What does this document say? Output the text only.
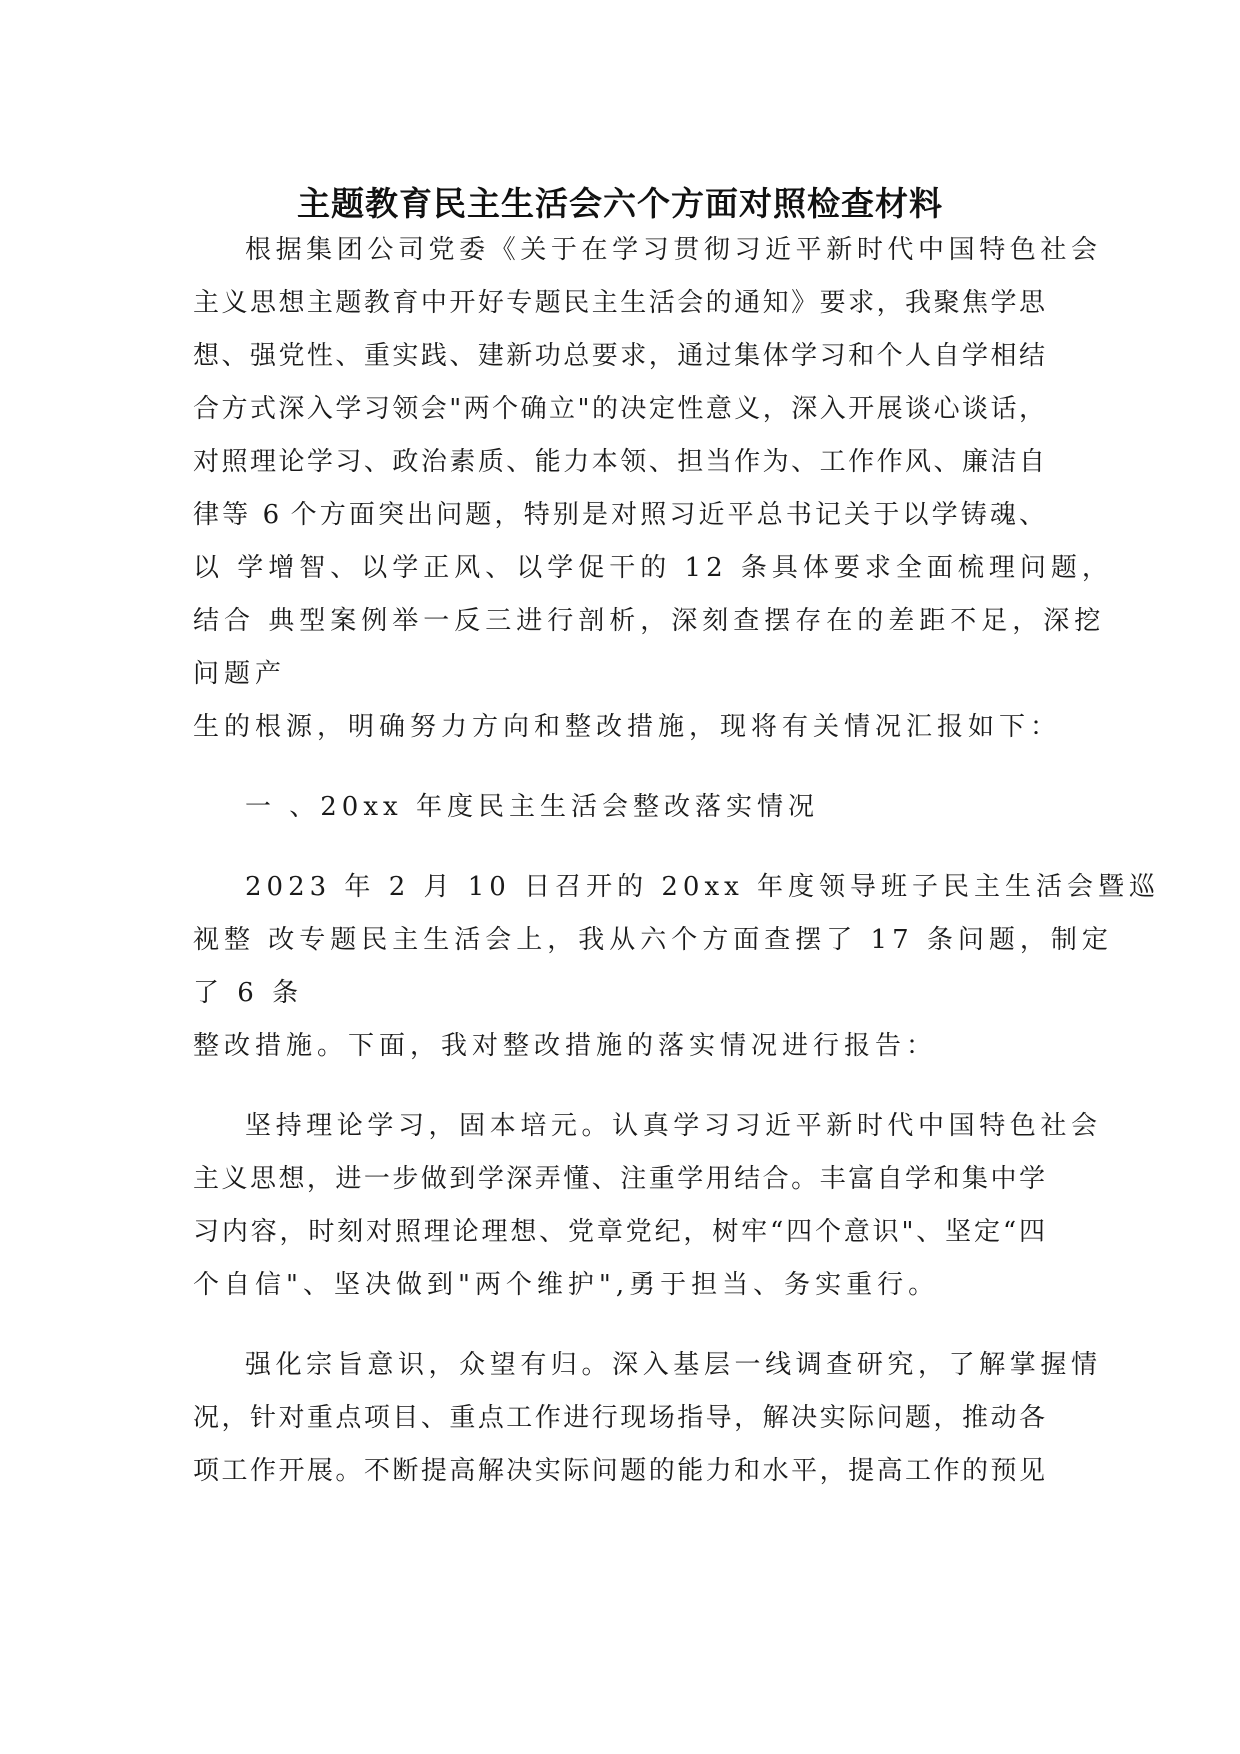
主题教育民主生活会六个方面对照检查材料
根据集团公司党委《关于在学习贯彻习近平新时代中国特色社会
主义思想主题教育中开好专题民主生活会的通知》要求，我聚焦学思
想、强党性、重实践、建新功总要求，通过集体学习和个人自学相结
合方式深入学习领会"两个确立"的决定性意义，深入开展谈心谈话，
对照理论学习、政治素质、能力本领、担当作为、工作作风、廉洁自
律等 6 个方面突出问题，特别是对照习近平总书记关于以学铸魂、
以 学增智、以学正风、以学促干的 12 条具体要求全面梳理问题，
结合 典型案例举一反三进行剖析，深刻查摆存在的差距不足，深挖
问题产
生的根源，明确努力方向和整改措施，现将有关情况汇报如下：
一 、20xx 年度民主生活会整改落实情况
2023 年 2 月 10 日召开的 20xx 年度领导班子民主生活会暨巡
视整 改专题民主生活会上，我从六个方面查摆了 17 条问题，制定
了 6 条
整改措施。下面，我对整改措施的落实情况进行报告：
坚持理论学习，固本培元。认真学习习近平新时代中国特色社会
主义思想，进一步做到学深弄懂、注重学用结合。丰富自学和集中学
习内容，时刻对照理论理想、党章党纪，树牢“四个意识"、坚定“四
个自信"、坚决做到"两个维护",勇于担当、务实重行。
强化宗旨意识，众望有归。深入基层一线调查研究，了解掌握情
况，针对重点项目、重点工作进行现场指导，解决实际问题，推动各
项工作开展。不断提高解决实际问题的能力和水平，提高工作的预见
